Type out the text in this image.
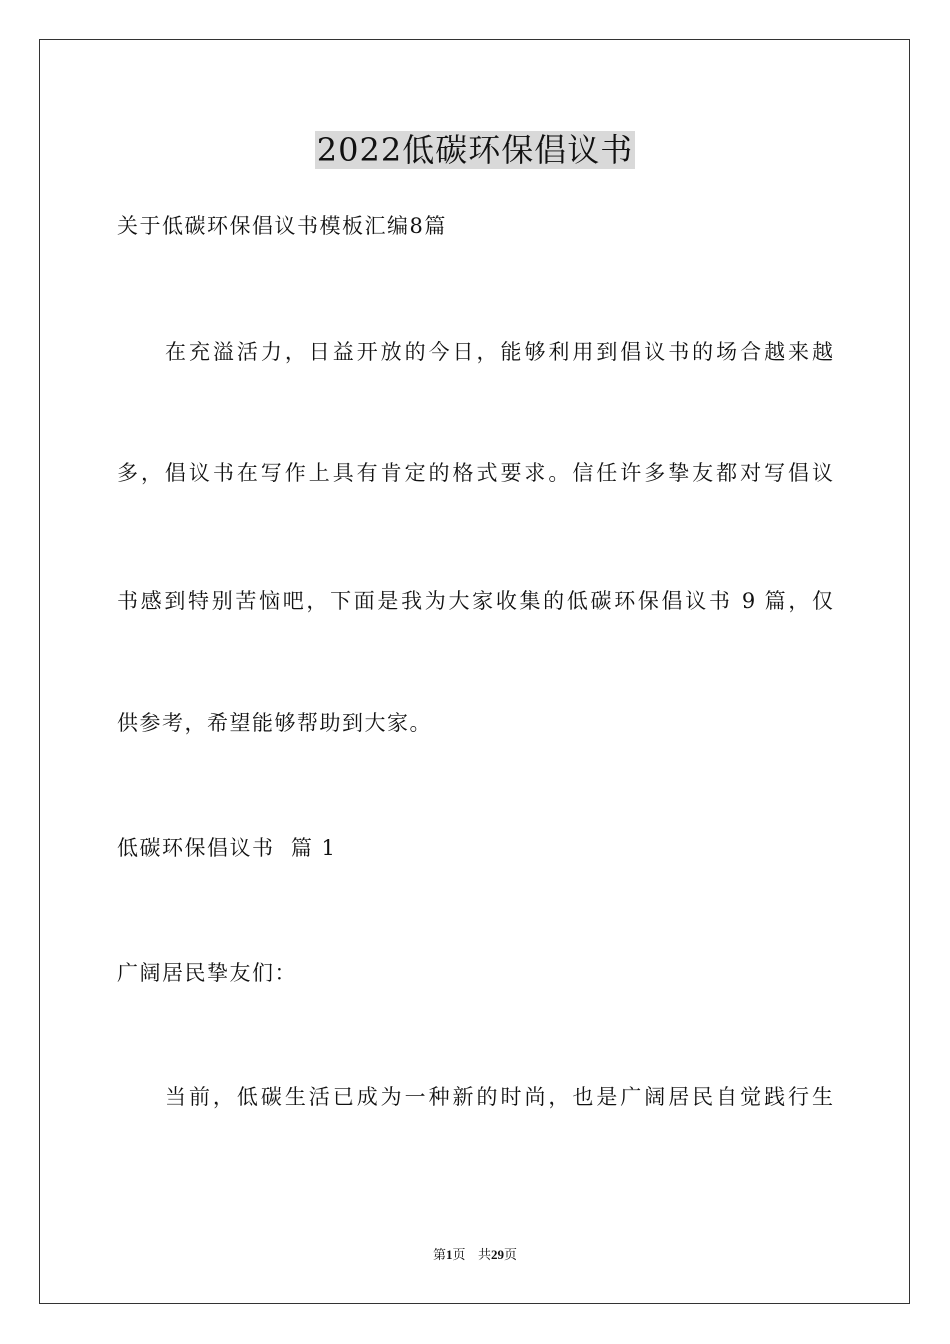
2022低碳环保倡议书
关于低碳环保倡议书模板汇编8篇
在充溢活力，日益开放的今日，能够利用到倡议书的场合越来越
多，倡议书在写作上具有肯定的格式要求。信任许多挚友都对写倡议
书感到特别苦恼吧，下面是我为大家收集的低碳环保倡议书 9 篇，仅
供参考，希望能够帮助到大家。
低碳环保倡议书  篇 1
广阔居民挚友们：
当前，低碳生活已成为一种新的时尚，也是广阔居民自觉践行生
第1页 共29页
